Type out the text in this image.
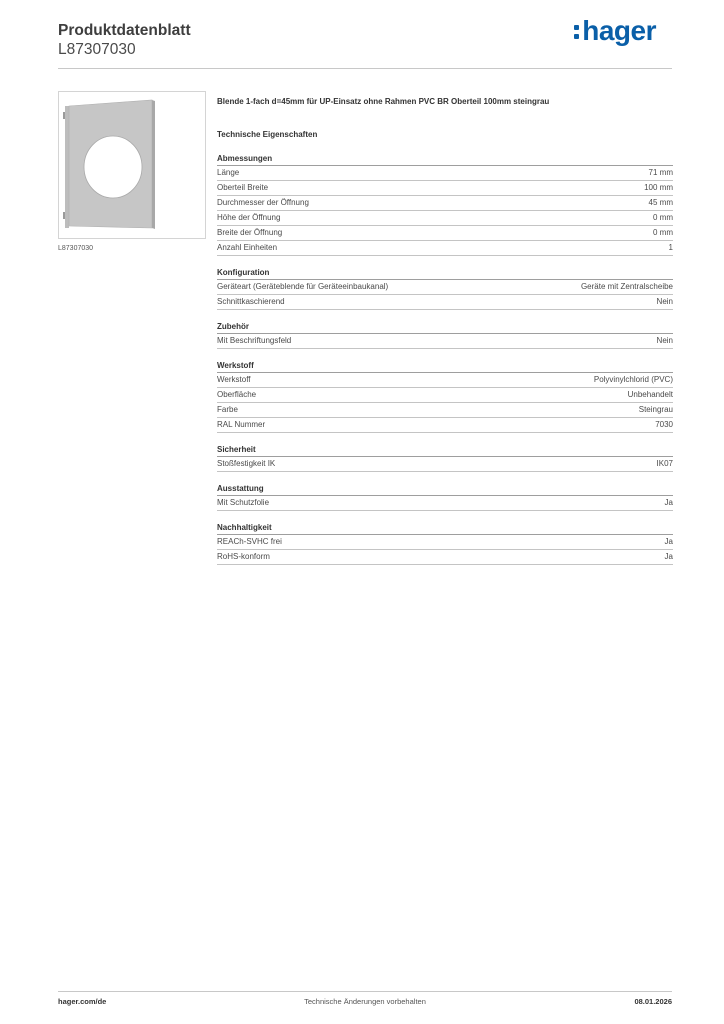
Produktdatenblatt
L87307030
hager
L87307030
Blende 1-fach d=45mm für UP-Einsatz ohne Rahmen PVC BR Oberteil 100mm steingrau
Technische Eigenschaften
Abmessungen
Länge	71 mm
Oberteil Breite	100 mm
Durchmesser der Öffnung	45 mm
Höhe der Öffnung	0 mm
Breite der Öffnung	0 mm
Anzahl Einheiten	1
Konfiguration
Geräteart (Geräteblende für Geräteeinbaukanal)	Geräte mit Zentralscheibe
Schnittkaschierend	Nein
Zubehör
Mit Beschriftungsfeld	Nein
Werkstoff
Werkstoff	Polyvinylchlorid (PVC)
Oberfläche	Unbehandelt
Farbe	Steingrau
RAL Nummer	7030
Sicherheit
Stoßfestigkeit IK	IK07
Ausstattung
Mit Schutzfolie	Ja
Nachhaltigkeit
REACh-SVHC frei	Ja
RoHS-konform	Ja
hager.com/de	Technische Änderungen vorbehalten	08.01.2026
